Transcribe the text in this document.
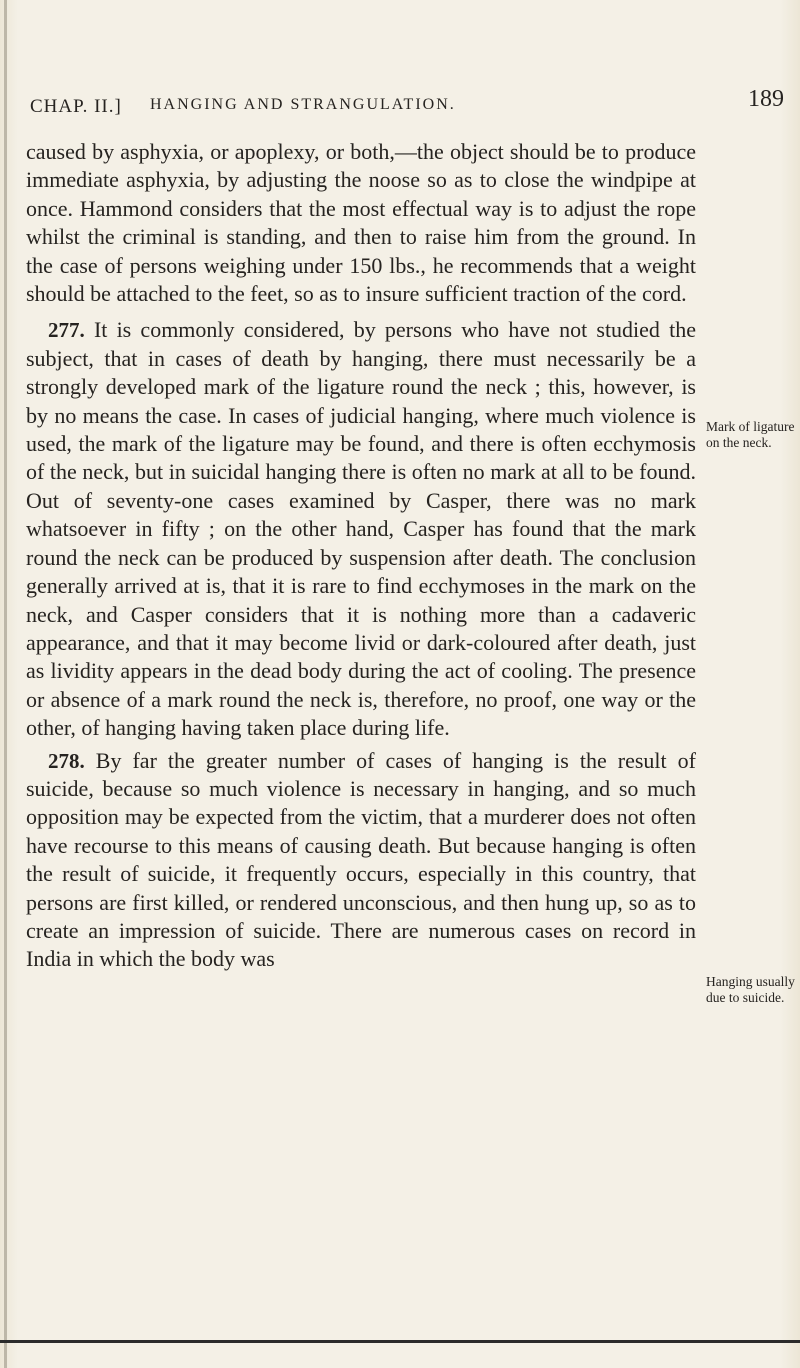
CHAP. II.] HANGING AND STRANGULATION.	189

caused by asphyxia, or apoplexy, or both,—the object should be to produce immediate asphyxia, by adjusting the noose so as to close the windpipe at once. Hammond considers that the most effectual way is to adjust the rope whilst the criminal is standing, and then to raise him from the ground. In the case of persons weighing under 150 lbs., he recommends that a weight should be attached to the feet, so as to insure sufficient traction of the cord.

277. It is commonly considered, by persons who have not studied the subject, that in cases of death by hanging, there must necessarily be a strongly developed mark of the ligature round the neck ; this, however, is by no means the case. In cases of judicial hanging, where much violence is used, the mark of the ligature may be found, and there is often ecchymosis of the neck, but in suicidal hanging there is often no mark at all to be found. Out of seventy-one cases examined by Casper, there was no mark whatsoever in fifty ; on the other hand, Casper has found that the mark round the neck can be produced by suspension after death. The conclusion generally arrived at is, that it is rare to find ecchymoses in the mark on the neck, and Casper considers that it is nothing more than a cadaveric appearance, and that it may become livid or dark-coloured after death, just as lividity appears in the dead body during the act of cooling. The presence or absence of a mark round the neck is, therefore, no proof, one way or the other, of hanging having taken place during life.

278. By far the greater number of cases of hanging is the result of suicide, because so much violence is necessary in hanging, and so much opposition may be expected from the victim, that a murderer does not often have recourse to this means of causing death. But because hanging is often the result of suicide, it frequently occurs, especially in this country, that persons are first killed, or rendered unconscious, and then hung up, so as to create an impression of suicide. There are numerous cases on record in India in which the body was

Mark of ligature on the neck.
Hanging usually due to suicide.
